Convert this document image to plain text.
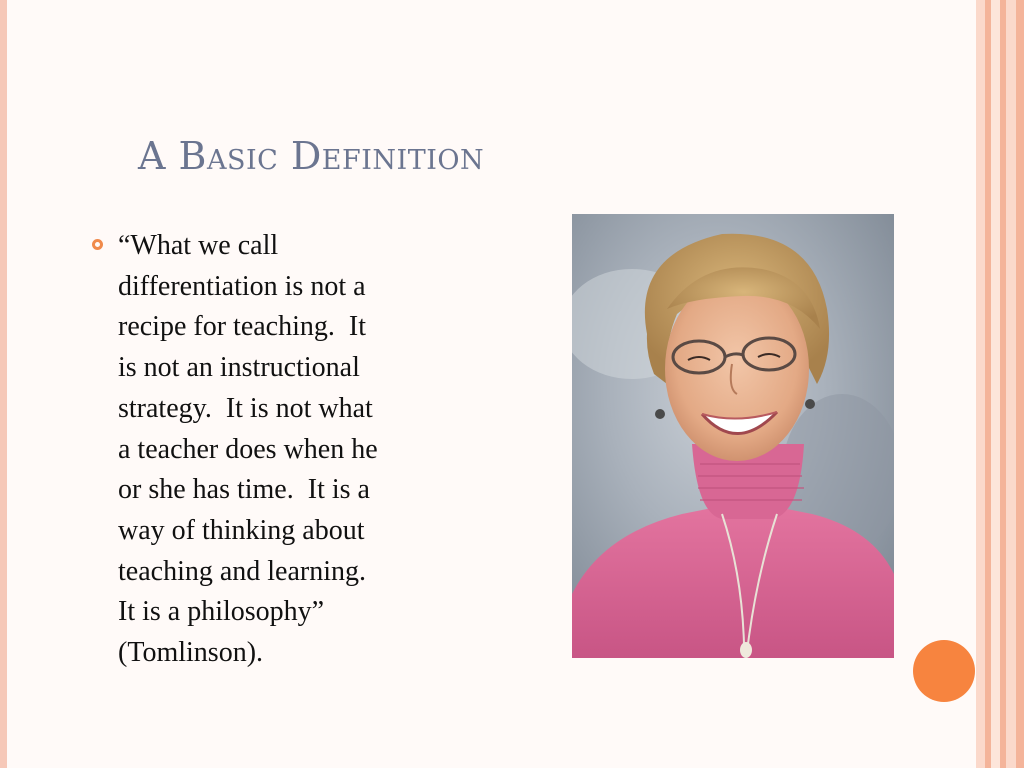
A Basic Definition
“What we call
differentiation is not a
recipe for teaching.  It
is not an instructional
strategy.  It is not what
a teacher does when he
or she has time.  It is a
way of thinking about
teaching and learning.
It is a philosophy”
(Tomlinson).
